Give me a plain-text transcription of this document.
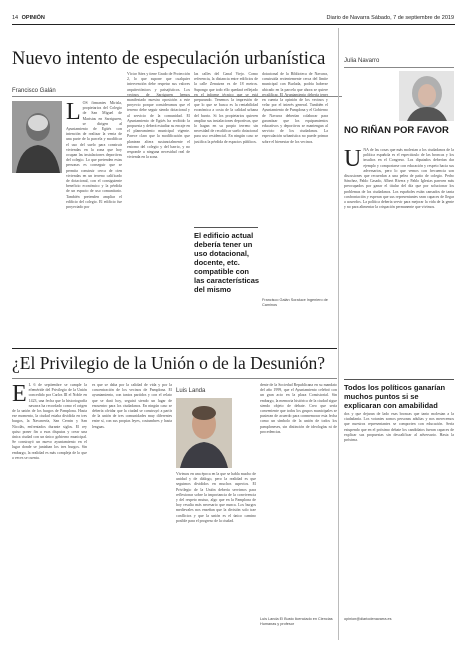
14 OPINIÓN	Diario de Navarra Sábado, 7 de septiembre de 2019
Nuevo intento de especulación urbanística
Francisco Galán
LOS firmantes Mirisla, propietarios del Colegio de San Miguel de Maristas en Sarriguren, se dirigen al Ayuntamiento de Egüés con intención de realizar la venta de una parte de la parcela y modificar el uso del suelo para construir viviendas en la zona que hoy ocupan las instalaciones deportivas del colegio. Lo que pretenden estas personas es conseguir que se permita construir cerca de cien viviendas en un terreno calificado de dotacional, con el consiguiente beneficio económico y la pérdida de un espacio de uso comunitario. También pretenden ampliar el edificio del colegio. El edificio fue proyectado por
Víctor Sáez y tiene Grado de Protección 2, lo que supone que cualquier intervención debe respetar sus valores arquitectónicos y paisajísticos. Los vecinos de Sarriguren hemos manifestado nuestra oposición a este proyecto porque consideramos que el terreno debe seguir siendo dotacional y al servicio de la comunidad. El Ayuntamiento de Egüés ha recibido la propuesta y deberá estudiar su encaje en el planeamiento municipal vigente. Parece claro que la modificación que plantean altera sustancialmente el entorno del colegio y del barrio, y no responde a ninguna necesidad real de vivienda en la zona.
las calles del Canal Viejo. Como referencia, la distancia entre edificios de la calle Zenutzea es de 18 metros. Supongo que todo ello quedará reflejado en el informe técnico que se está preparando. Tenemos la impresión de que lo que se busca es la rentabilidad económica a costa de la calidad urbana del barrio. Si los propietarios quieren ampliar sus instalaciones deportivas, que lo hagan en su propio terreno sin necesidad de recalificar suelo dotacional para uso residencial. En ningún caso se justifica la pérdida de espacios públicos.
dotacional de la Biblioteca de Navarra, construida recientemente cerca del límite municipal con Burlada, podría haberse ubicado en la parcela que ahora se quiere recalificar. El Ayuntamiento debería tener en cuenta la opinión de los vecinos y velar por el interés general. También el Ayuntamiento de Pamplona y el Gobierno de Navarra deberían colaborar para garantizar que los equipamientos educativos y deportivos se mantengan al servicio de los ciudadanos. La especulación urbanística no puede primar sobre el bienestar de los vecinos.
El edificio actual debería tener un uso dotacional, docente, etc. compatible con las características del mismo
Francisco Galán Soraluce Ingeniero de Caminos
Julia Navarro
NO RIÑAN POR FAVOR
UNA de las cosas que más molestan a los ciudadanos de la política española es el espectáculo de las broncas y los insultos en el Congreso. Los diputados deberían dar ejemplo y comportarse con educación y respeto hacia sus adversarios, pero lo que vemos con frecuencia son discusiones que recuerdan a una pelea de patio de colegio. Pedro Sánchez, Pablo Casado, Albert Rivera y Pablo Iglesias parecen más preocupados por ganar el titular del día que por solucionar los problemas de los ciudadanos. Los españoles están cansados de tanta confrontación y esperan que sus representantes sean capaces de llegar a acuerdos. La política debería servir para mejorar la vida de la gente y no para alimentar la crispación permanente que vivimos.
Todos los políticos ganarían muchos puntos si se explicaran con amabilidad
dos y que dejaran de lado esas broncas que tanto molestan a la ciudadanía. Los votantes somos personas adultas y nos merecemos que nuestros representantes se comporten con educación. Sería estupendo que en el próximo debate los candidatos fueran capaces de explicar sus propuestas sin descalificar al adversario. Hasta la próxima.
opinion@diariodenavarra.es
¿El Privilegio de la Unión o de la Desunión?
E L 6 de septiembre se cumple la efeméride del Privilegio de la Unión concedido por Carlos III el Noble en 1423, una fecha que la historiografía navarra ha recordado como el origen de la unión de los burgos de Pamplona. Hasta ese momento, la ciudad estaba dividida en tres burgos, la Navarrería, San Cernin y San Nicolás, enfrentados durante siglos. El rey quiso poner fin a esas disputas y crear una única ciudad con un único gobierno municipal. Se construyó un nuevo ayuntamiento en el lugar donde se juntaban los tres burgos. Sin embargo, la realidad es más compleja de lo que a veces se cuenta.
es que se daba por la calidad de vida y por la concentración de los vecinos de Pamplona. El ayuntamiento, con tantos partidos y con el relato que se dará hoy, seguirá siendo un lugar de encuentro para los ciudadanos. En ningún caso se debería olvidar que la ciudad se construyó a partir de la unión de tres comunidades muy diferentes entre sí, con sus propias leyes, costumbres y hasta lenguas.
Luis Landa
Vivimos en una época en la que se habla mucho de unidad y de diálogo, pero la realidad es que seguimos divididos en muchos aspectos. El Privilegio de la Unión debería servirnos para reflexionar sobre la importancia de la convivencia y del respeto mutuo, algo que en la Pamplona de hoy resulta más necesario que nunca. Los burgos medievales nos enseñan que la división solo trae conflictos y que la unión es el único camino posible para el progreso de la ciudad.
dente de la Sociedad Republicana en su mandato del año 1999, que el Ayuntamiento celebró con un gran acto en la plaza Consistorial. Sin embargo, la memoria histórica de la ciudad sigue siendo objeto de debate. Creo que sería conveniente que todos los grupos municipales se pusieran de acuerdo para conmemorar esta fecha como un símbolo de la unión de todos los pamploneses, sin distinción de ideologías ni de procedencias.
Luis Landa El Busto licenciado en Ciencias Humanas y profesor
